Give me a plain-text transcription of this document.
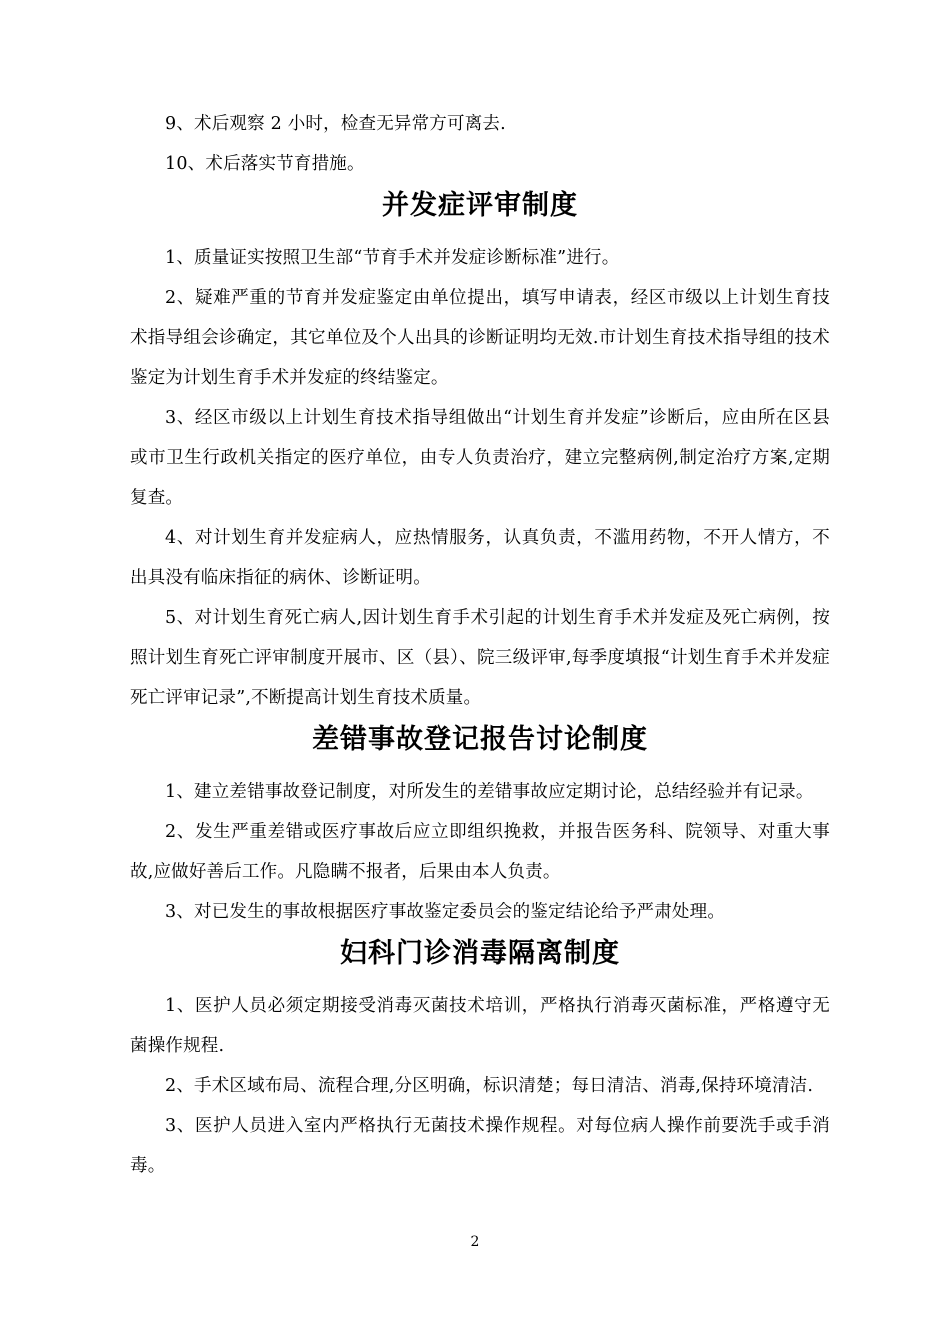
9、术后观察 2 小时，检查无异常方可离去.

10、术后落实节育措施。

并发症评审制度

1、质量证实按照卫生部“节育手术并发症诊断标准”进行。

2、疑难严重的节育并发症鉴定由单位提出，填写申请表，经区市级以上计划生育技术指导组会诊确定，其它单位及个人出具的诊断证明均无效.市计划生育技术指导组的技术鉴定为计划生育手术并发症的终结鉴定。

3、经区市级以上计划生育技术指导组做出“计划生育并发症”诊断后，应由所在区县或市卫生行政机关指定的医疗单位，由专人负责治疗，建立完整病例,制定治疗方案,定期复查。

4、对计划生育并发症病人，应热情服务，认真负责，不滥用药物，不开人情方，不出具没有临床指征的病休、诊断证明。

5、对计划生育死亡病人,因计划生育手术引起的计划生育手术并发症及死亡病例，按照计划生育死亡评审制度开展市、区（县）、院三级评审,每季度填报“计划生育手术并发症死亡评审记录”,不断提高计划生育技术质量。

差错事故登记报告讨论制度

1、建立差错事故登记制度，对所发生的差错事故应定期讨论，总结经验并有记录。

2、发生严重差错或医疗事故后应立即组织挽救，并报告医务科、院领导、对重大事故,应做好善后工作。凡隐瞒不报者，后果由本人负责。

3、对已发生的事故根据医疗事故鉴定委员会的鉴定结论给予严肃处理。

妇科门诊消毒隔离制度

1、医护人员必须定期接受消毒灭菌技术培训，严格执行消毒灭菌标准，严格遵守无菌操作规程.

2、手术区域布局、流程合理,分区明确，标识清楚；每日清洁、消毒,保持环境清洁.

3、医护人员进入室内严格执行无菌技术操作规程。对每位病人操作前要洗手或手消毒。

2
